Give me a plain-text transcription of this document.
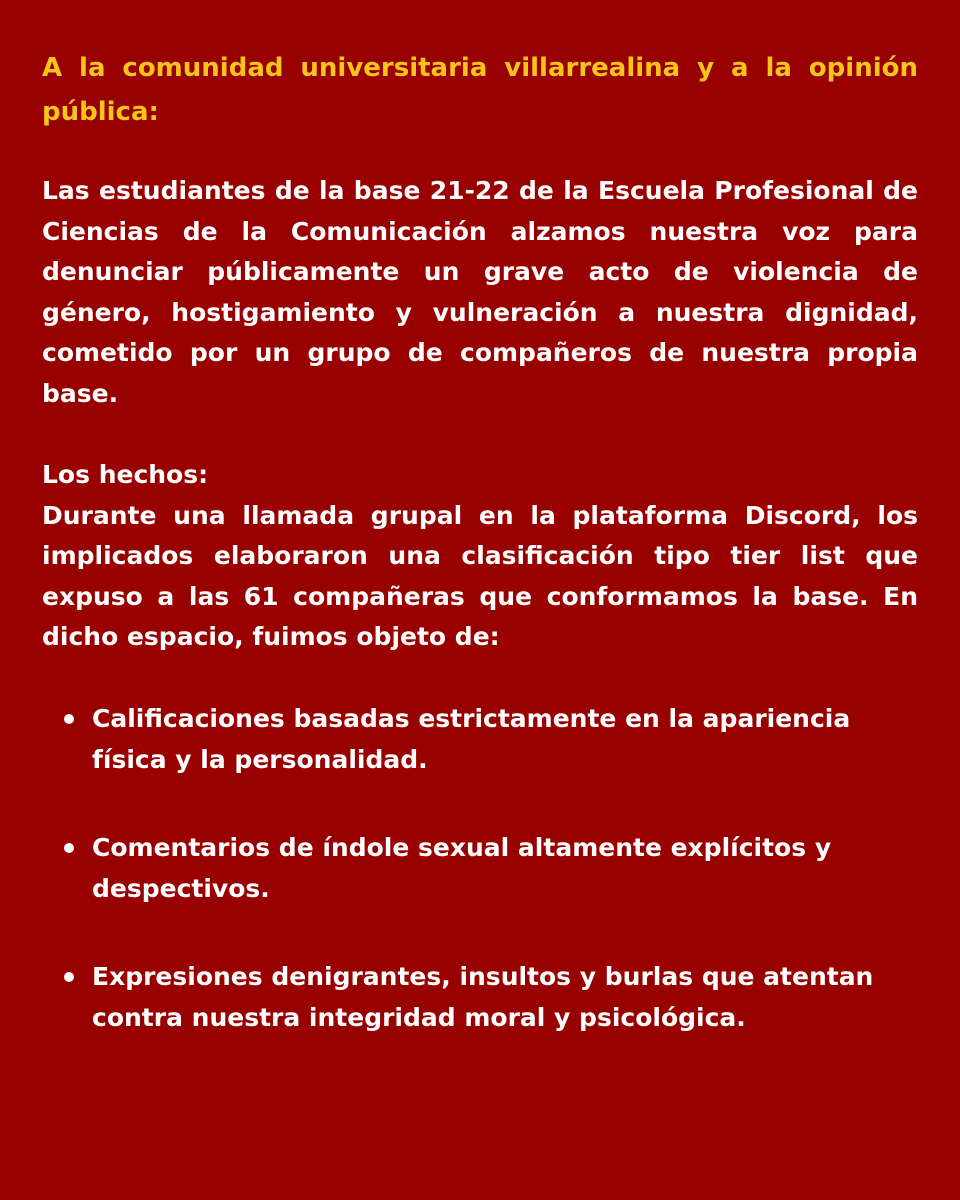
A la comunidad universitaria villarrealina y a la opinión pública:

Las estudiantes de la base 21-22 de la Escuela Profesional de Ciencias de la Comunicación alzamos nuestra voz para denunciar públicamente un grave acto de violencia de género, hostigamiento y vulneración a nuestra dignidad, cometido por un grupo de compañeros de nuestra propia base.

Los hechos:

Durante una llamada grupal en la plataforma Discord, los implicados elaboraron una clasificación tipo tier list que expuso a las 61 compañeras que conformamos la base. En dicho espacio, fuimos objeto de:

Calificaciones basadas estrictamente en la apariencia física y la personalidad.
Comentarios de índole sexual altamente explícitos y despectivos.
Expresiones denigrantes, insultos y burlas que atentan contra nuestra integridad moral y psicológica.
